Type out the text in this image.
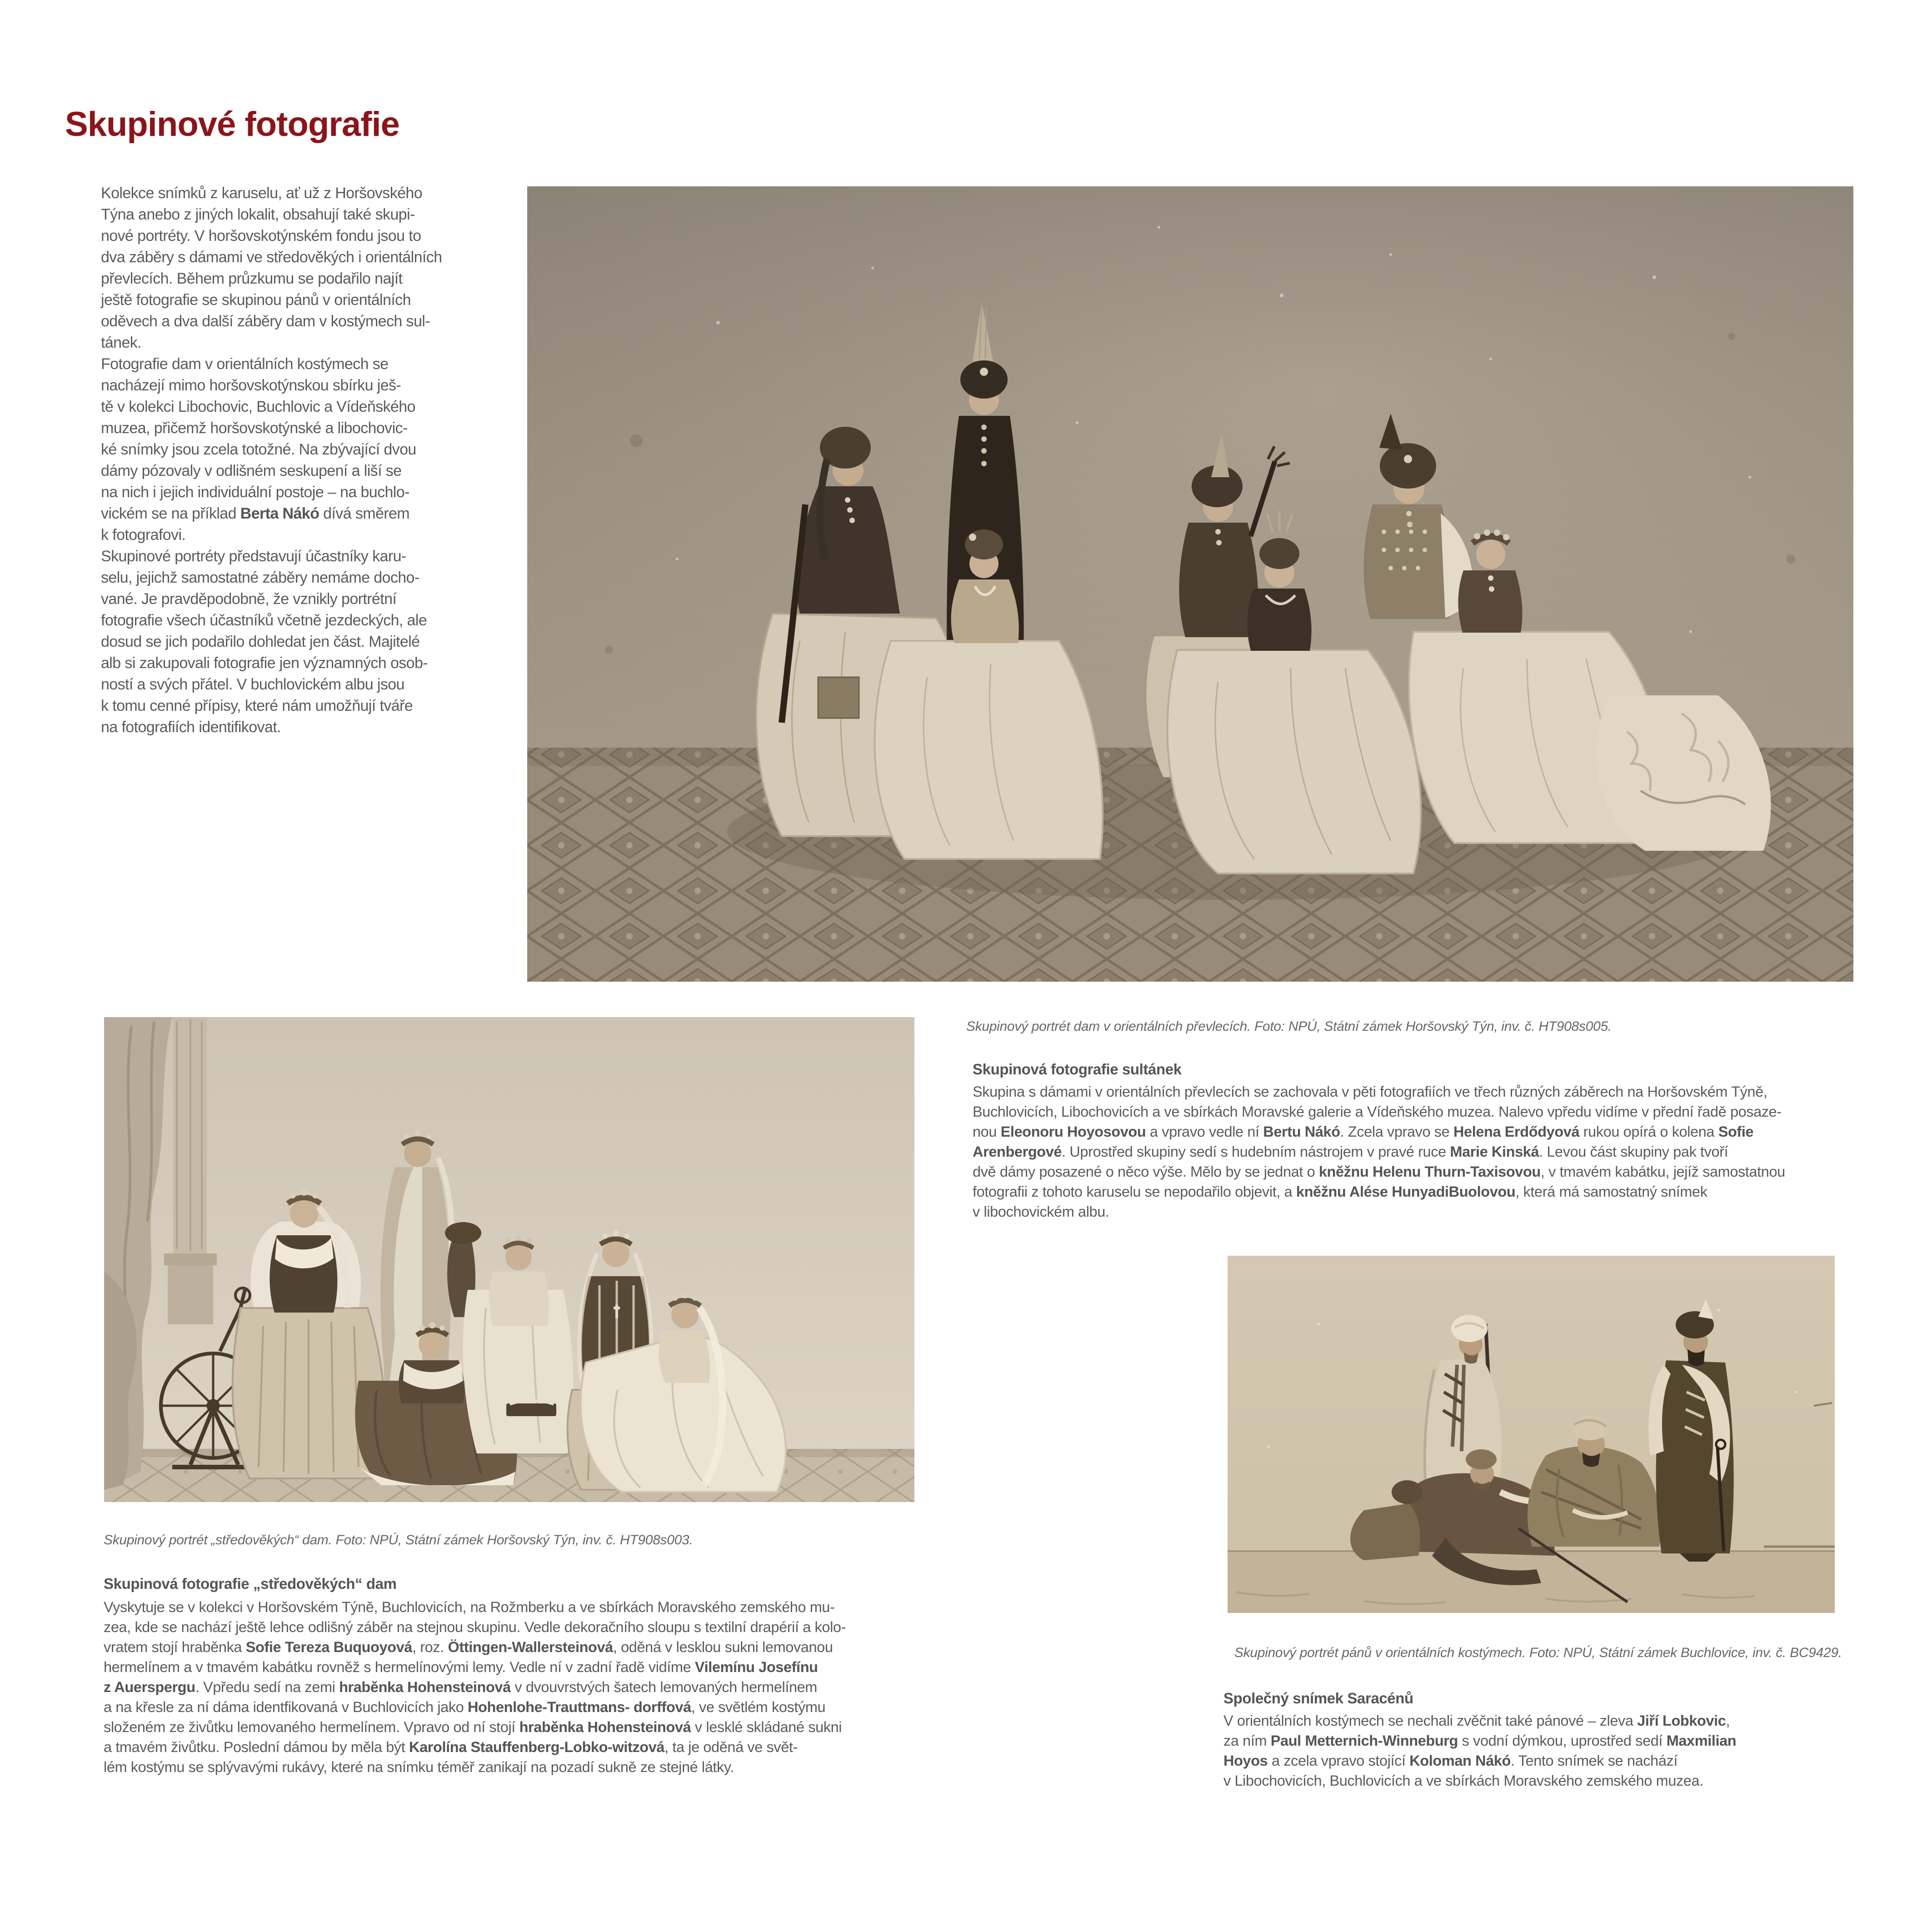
Skupinové fotografie
Kolekce snímků z karuselu, ať už z Horšovského
Týna anebo z jiných lokalit, obsahují také skupi-
nové portréty. V horšovskotýnském fondu jsou to
dva záběry s dámami ve středověkých i orientálních
převlecích. Během průzkumu se podařilo najít
ještě fotografie se skupinou pánů v orientálních
oděvech a dva další záběry dam v kostýmech sul-
tánek.
Fotografie dam v orientálních kostýmech se
nacházejí mimo horšovskotýnskou sbírku ješ-
tě v kolekci Libochovic, Buchlovic a Vídeňského
muzea, přičemž horšovskotýnské a libochovic-
ké snímky jsou zcela totožné. Na zbývající dvou
dámy pózovaly v odlišném seskupení a liší se
na nich i jejich individuální postoje – na buchlo-
vickém se na příklad Berta Nákó dívá směrem
k fotografovi.
Skupinové portréty představují účastníky karu-
selu, jejichž samostatné záběry nemáme docho-
vané. Je pravděpodobně, že vznikly portrétní
fotografie všech účastníků včetně jezdeckých, ale
dosud se jich podařilo dohledat jen část. Majitelé
alb si zakupovali fotografie jen významných osob-
ností a svých přátel. V buchlovickém albu jsou
k tomu cenné přípisy, které nám umožňují tváře
na fotografiích identifikovat.
Skupinový portrét dam v orientálních převlecích. Foto: NPÚ, Státní zámek Horšovský Týn, inv. č. HT908s005.
Skupinová fotografie sultánek
Skupina s dámami v orientálních převlecích se zachovala v pěti fotografiích ve třech různých záběrech na Horšovském Týně,
Buchlovicích, Libochovicích a ve sbírkách Moravské galerie a Vídeňského muzea. Nalevo vpředu vidíme v přední řadě posaze-
nou Eleonoru Hoyosovou a vpravo vedle ní Bertu Nákó. Zcela vpravo se Helena Erdődyová rukou opírá o kolena Sofie
Arenbergové. Uprostřed skupiny sedí s hudebním nástrojem v pravé ruce Marie Kinská. Levou část skupiny pak tvoří
dvě dámy posazené o něco výše. Mělo by se jednat o kněžnu Helenu Thurn-Taxisovou, v tmavém kabátku, jejíž samostatnou
fotografii z tohoto karuselu se nepodařilo objevit, a kněžnu Alése HunyadiBuolovou, která má samostatný snímek
v libochovickém albu.
Skupinový portrét „středověkých“ dam. Foto: NPÚ, Státní zámek Horšovský Týn, inv. č. HT908s003.
Skupinová fotografie „středověkých“ dam
Vyskytuje se v kolekci v Horšovském Týně, Buchlovicích, na Rožmberku a ve sbírkách Moravského zemského mu-
zea, kde se nachází ještě lehce odlišný záběr na stejnou skupinu. Vedle dekoračního sloupu s textilní drapérií a kolo-
vratem stojí hraběnka Sofie Tereza Buquoyová, roz. Öttingen-Wallersteinová, oděná v lesklou sukni lemovanou
hermelínem a v tmavém kabátku rovněž s hermelínovými lemy. Vedle ní v zadní řadě vidíme Vilemínu Josefínu
z Auerspergu. Vpředu sedí na zemi hraběnka Hohensteinová v dvouvrstvých šatech lemovaných hermelínem
a na křesle za ní dáma identfikovaná v Buchlovicích jako Hohenlohe-Trauttmans- dorffová, ve světlém kostýmu
složeném ze živůtku lemovaného hermelínem. Vpravo od ní stojí hraběnka Hohensteinová v lesklé skládané sukni
a tmavém živůtku. Poslední dámou by měla být Karolína Stauffenberg-Lobko-witzová, ta je oděná ve svět-
lém kostýmu se splývavými rukávy, které na snímku téměř zanikají na pozadí sukně ze stejné látky.
Skupinový portrét pánů v orientálních kostýmech. Foto: NPÚ, Státní zámek Buchlovice, inv. č. BC9429.
Společný snímek Saracénů
V orientálních kostýmech se nechali zvěčnit také pánové – zleva Jiří Lobkovic,
za ním Paul Metternich-Winneburg s vodní dýmkou, uprostřed sedí Maxmilian
Hoyos a zcela vpravo stojící Koloman Nákó. Tento snímek se nachází
v Libochovicích, Buchlovicích a ve sbírkách Moravského zemského muzea.
